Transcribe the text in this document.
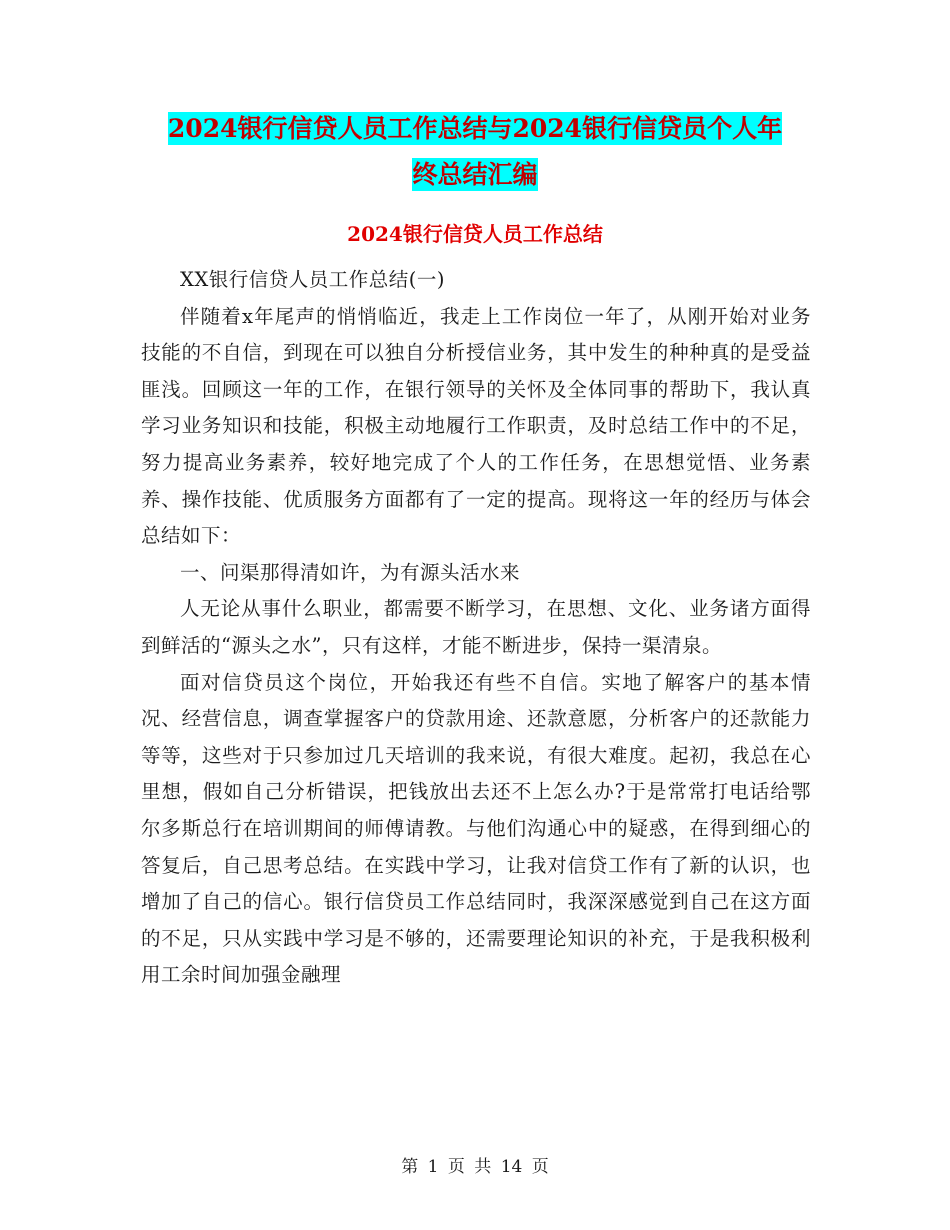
2024银行信贷人员工作总结与2024银行信贷员个人年
终总结汇编
2024银行信贷人员工作总结

XX银行信贷人员工作总结(一)

伴随着x年尾声的悄悄临近，我走上工作岗位一年了，从刚开始对业务技能的不自信，到现在可以独自分析授信业务，其中发生的种种真的是受益匪浅。回顾这一年的工作，在银行领导的关怀及全体同事的帮助下，我认真学习业务知识和技能，积极主动地履行工作职责，及时总结工作中的不足，努力提高业务素养，较好地完成了个人的工作任务，在思想觉悟、业务素养、操作技能、优质服务方面都有了一定的提高。现将这一年的经历与体会总结如下：

一、问渠那得清如许，为有源头活水来

人无论从事什么职业，都需要不断学习，在思想、文化、业务诸方面得到鲜活的“源头之水”，只有这样，才能不断进步，保持一渠清泉。

面对信贷员这个岗位，开始我还有些不自信。实地了解客户的基本情况、经营信息，调查掌握客户的贷款用途、还款意愿，分析客户的还款能力等等，这些对于只参加过几天培训的我来说，有很大难度。起初，我总在心里想，假如自己分析错误，把钱放出去还不上怎么办?于是常常打电话给鄂尔多斯总行在培训期间的师傅请教。与他们沟通心中的疑惑，在得到细心的答复后，自己思考总结。在实践中学习，让我对信贷工作有了新的认识，也增加了自己的信心。银行信贷员工作总结同时，我深深感觉到自己在这方面的不足，只从实践中学习是不够的，还需要理论知识的补充，于是我积极利用工余时间加强金融理

第 1 页 共 14 页
